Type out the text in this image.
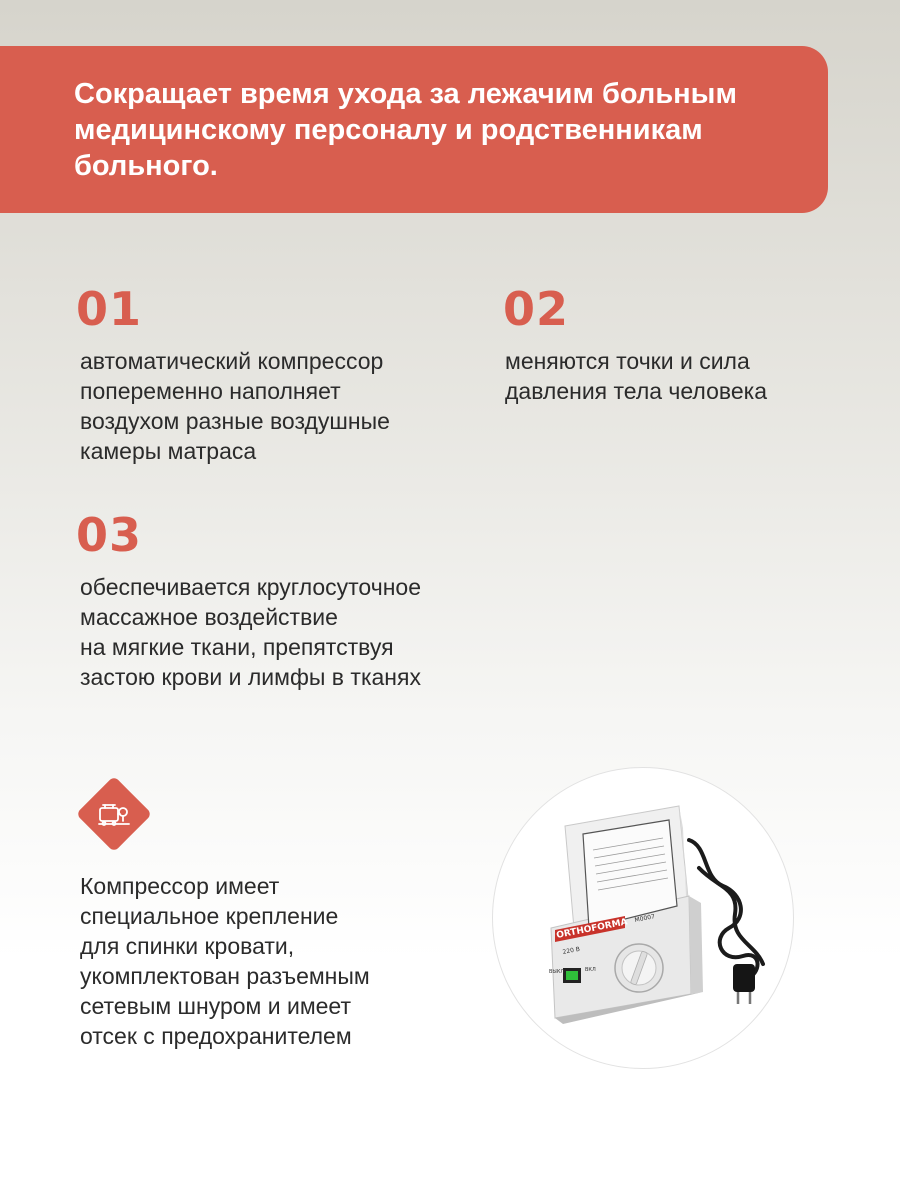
Сокращает время ухода за лежачим больным медицинскому персоналу и родственникам больного.
01
автоматический компрессор
попеременно наполняет
воздухом разные воздушные
камеры матраса
02
меняются точки и сила
давления тела человека
03
обеспечивается круглосуточное
массажное воздействие
на мягкие ткани, препятствуя
застою крови и лимфы в тканях
Компрессор имеет
специальное крепление
для спинки кровати,
укомплектован разъемным
сетевым шнуром и имеет
отсек с предохранителем
ORTHOFORMA M0007
220 В
ВЫКЛ	ВКЛ
